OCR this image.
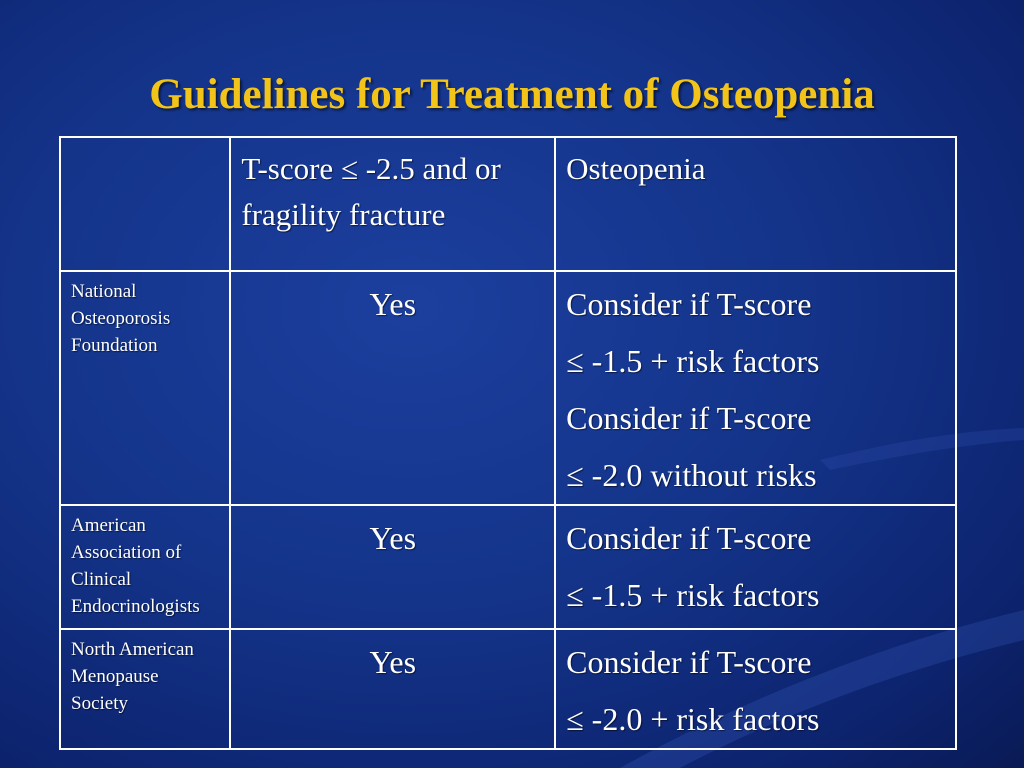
Guidelines for Treatment of Osteopenia
	T-score ≤ -2.5 and or fragility fracture	Osteopenia
National Osteoporosis Foundation	Yes	Consider if T-score
≤ -1.5 + risk factors
Consider if T-score
≤ -2.0 without risks

American Association of Clinical Endocrinologists	Yes	Consider if T-score
≤ -1.5 + risk factors

North American Menopause Society	Yes	Consider if T-score
≤ -2.0 + risk factors
